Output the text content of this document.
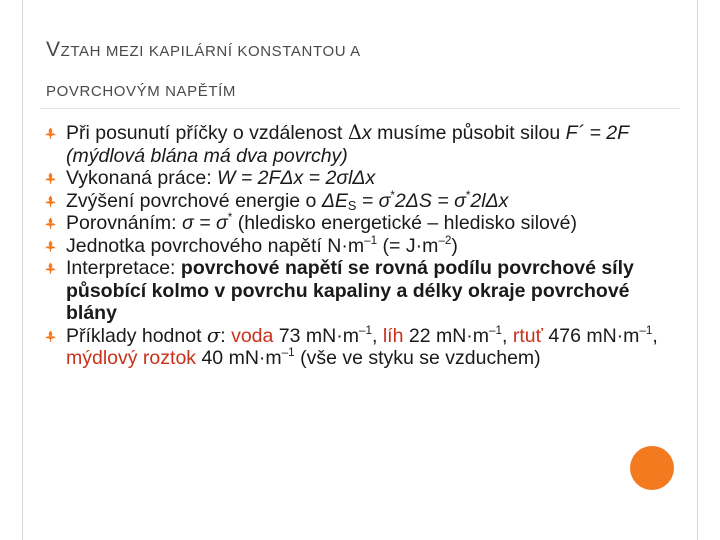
VZTAH MEZI KAPILÁRNÍ KONSTANTOU A
POVRCHOVÝM NAPĚTÍM
Při posunutí příčky o vzdálenost Δx musíme působit silou F´ = 2F (mýdlová blána má dva povrchy)
Vykonaná práce: W = 2FΔx = 2σlΔx
Zvýšení povrchové energie o $\Delta E_S = \sigma^*2\Delta S = \sigma^*2l\Delta x$
Porovnáním: σ = σ* (hledisko energetické – hledisko silové)
Jednotka povrchového napětí $N\cdot m^{-1}$ (= $J\cdot m^{-2}$)
Interpretace: povrchové napětí se rovná podílu povrchové síly působící kolmo v povrchu kapaliny a délky okraje povrchové blány
Příklady hodnot σ: voda 73 $mN\cdot m^{-1}$, líh 22 $mN\cdot m^{-1}$, rtuť 476 $mN\cdot m^{-1}$, mýdlový roztok 40 $mN\cdot m^{-1}$ (vše ve styku se vzduchem)
